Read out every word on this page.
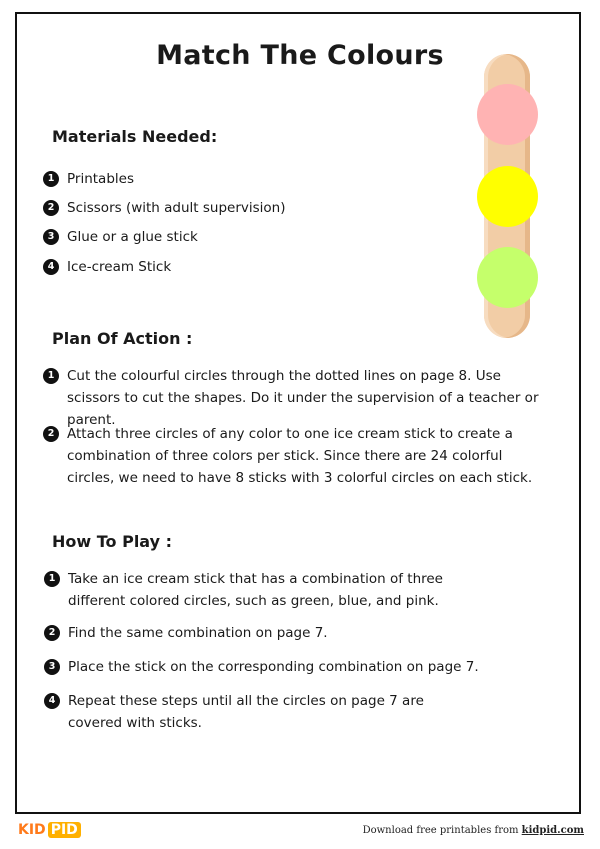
Match The Colours
Materials Needed:
1 Printables
2 Scissors (with adult supervision)
3 Glue or a glue stick
4 Ice-cream Stick
Plan Of Action :
1 Cut the colourful circles through the dotted lines on page 8. Use scissors to cut the shapes. Do it under the supervision of a teacher or parent.
2 Attach three circles of any color to one ice cream stick to create a combination of three colors per stick. Since there are 24 colorful circles, we need to have 8 sticks with 3 colorful circles on each stick.
How To Play :
1 Take an ice cream stick that has a combination of three different colored circles, such as green, blue, and pink.
2 Find the same combination on page 7.
3 Place the stick on the corresponding combination on page 7.
4 Repeat these steps until all the circles on page 7 are covered with sticks.
KID PID	Download free printables from kidpid.com
